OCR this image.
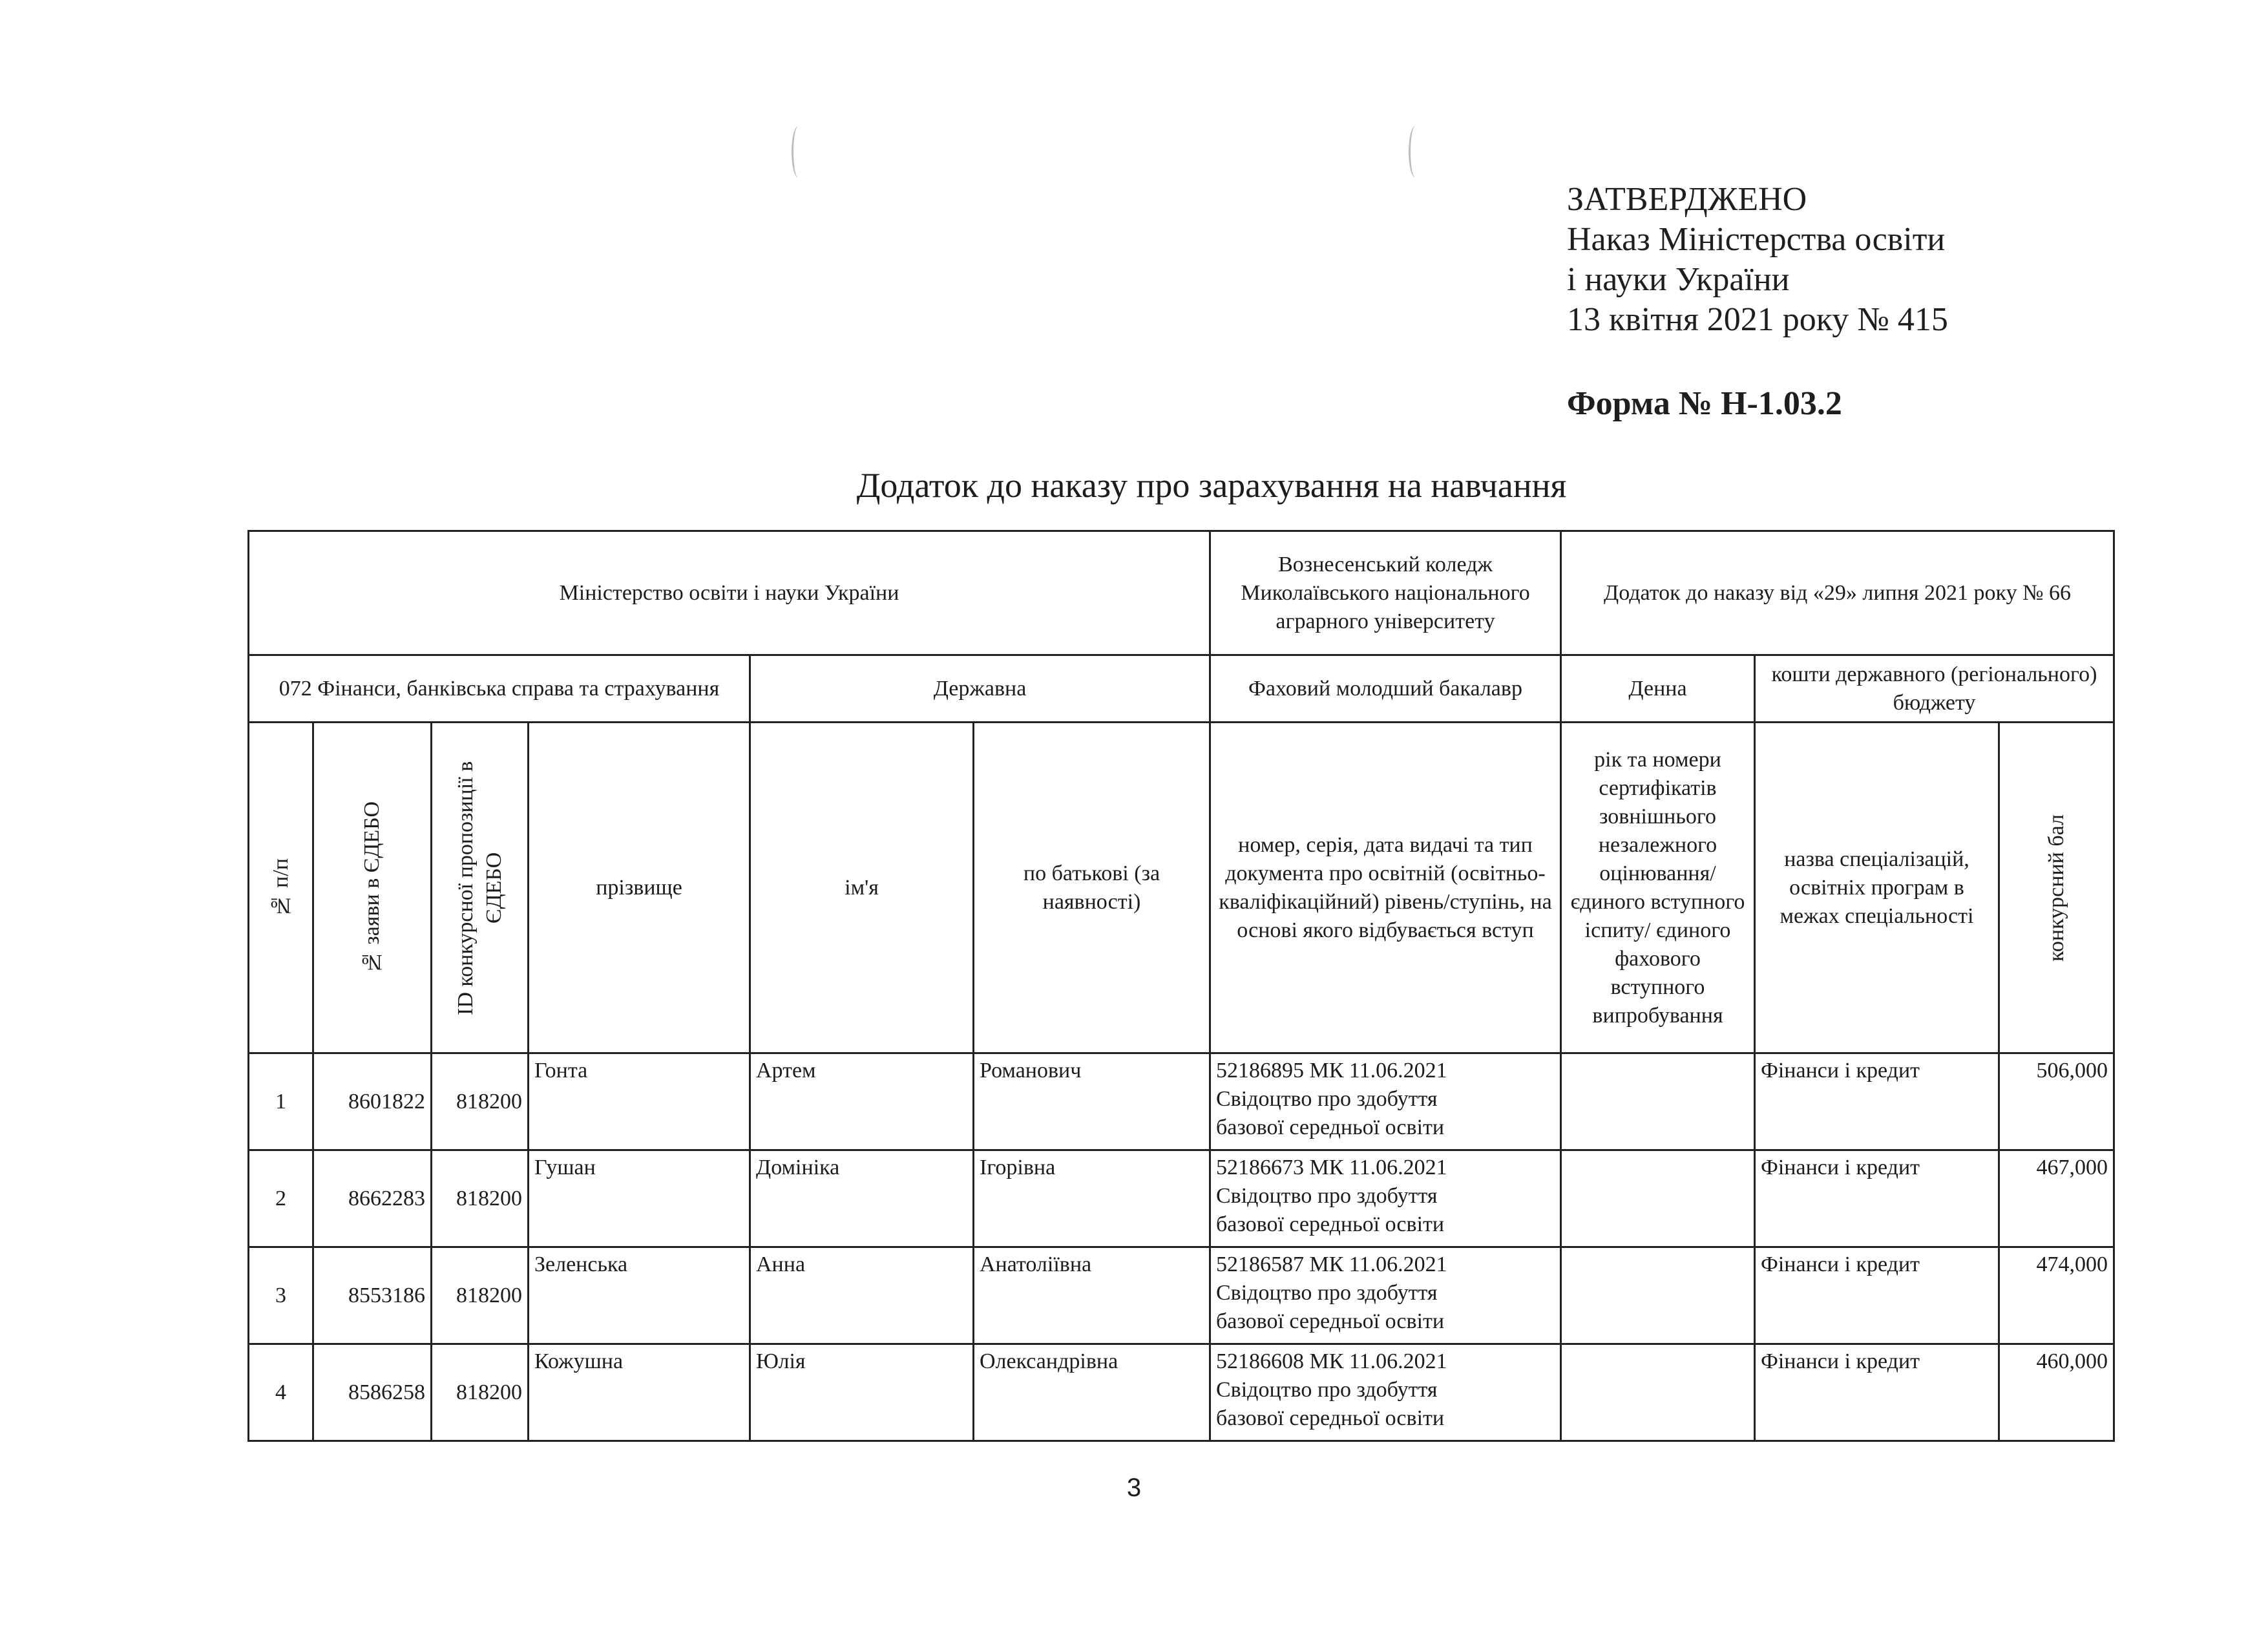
ЗАТВЕРДЖЕНО
Наказ Міністерства освіти
і науки України
13 квітня 2021 року № 415
Форма № Н-1.03.2
Додаток до наказу про зарахування на навчання
Міністерство освіти і науки України						Вознесенський коледж Миколаївського національного аграрного університету	Додаток до наказу від «29» липня 2021 року № 66		
072 Фінанси, банківська справа та страхування				Державна		Фаховий молодший бакалавр	Денна	кошти державного (регіонального) бюджету	

№ п/п	№ заяви в ЄДЕБО	ID конкурсної пропозиції в ЄДЕБО	прізвище	ім'я	по батькові (за наявності)	номер, серія, дата видачі та тип документа про освітній (освітньо-кваліфікаційний) рівень/ступінь, на основі якого відбувається вступ	рік та номери сертифікатів зовнішнього незалежного оцінювання/ єдиного вступного іспиту/ єдиного фахового вступного випробування	назва спеціалізацій, освітніх програм в межах спеціальності	конкурсний бал

1	8601822	818200	Гонта	Артем	Романович	52186895 МК 11.06.2021
Свідоцтво про здобуття
базової середньої освіти		Фінанси і кредит	506,000
2	8662283	818200	Гушан	Домініка	Ігорівна	52186673 МК 11.06.2021
Свідоцтво про здобуття
базової середньої освіти		Фінанси і кредит	467,000
3	8553186	818200	Зеленська	Анна	Анатоліївна	52186587 МК 11.06.2021
Свідоцтво про здобуття
базової середньої освіти		Фінанси і кредит	474,000
4	8586258	818200	Кожушна	Юлія	Олександрівна	52186608 МК 11.06.2021
Свідоцтво про здобуття
базової середньої освіти		Фінанси і кредит	460,000
3
